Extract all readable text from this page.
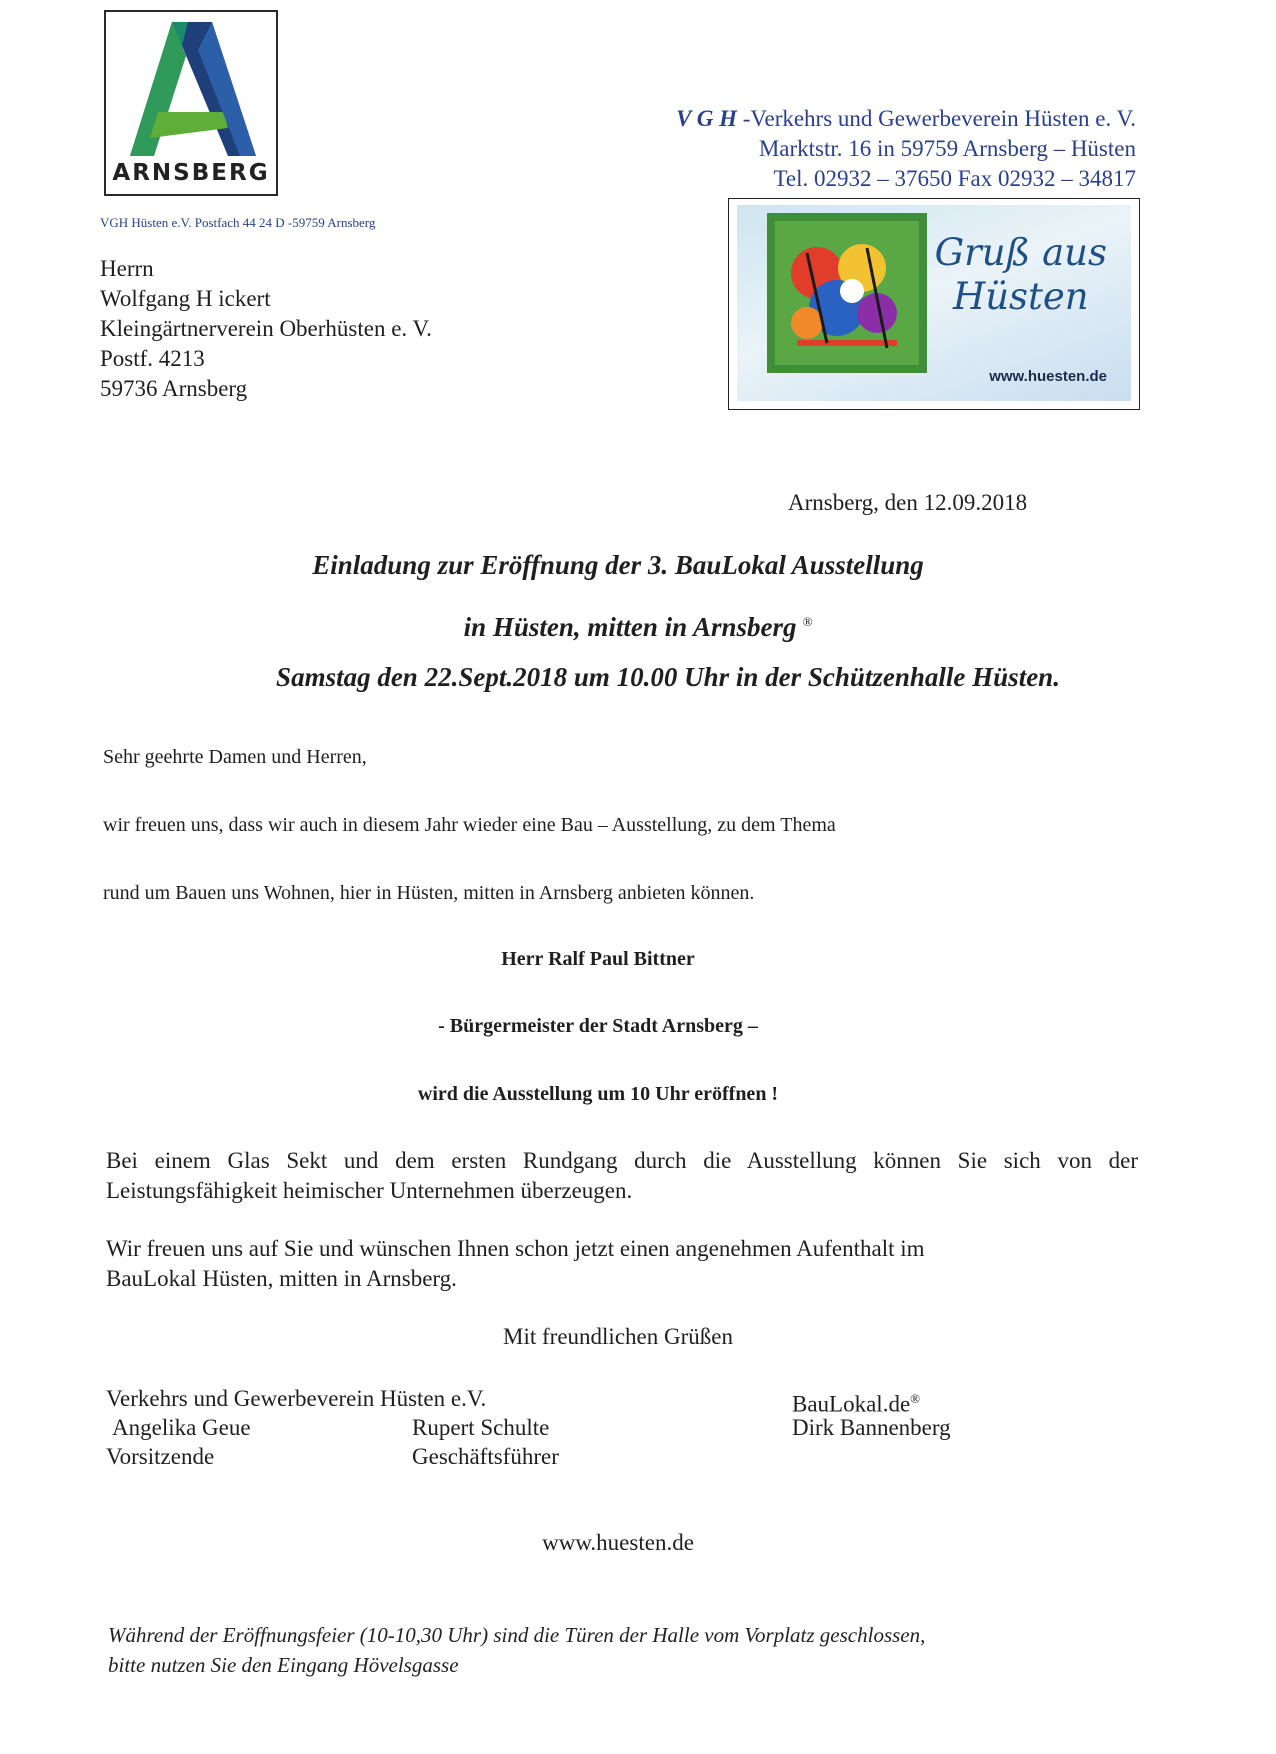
ARNSBERG
VGH Hüsten e.V. Postfach 44 24 D -59759 Arnsberg
Herrn
Wolfgang H ickert
Kleingärtnerverein Oberhüsten e. V.
Postf. 4213
59736 Arnsberg
V G H -Verkehrs und Gewerbeverein Hüsten e. V.
Marktstr. 16 in 59759 Arnsberg – Hüsten
Tel. 02932 – 37650 Fax 02932 – 34817
Gruß aus
Hüsten
www.huesten.de
Arnsberg, den 12.09.2018
Einladung zur Eröffnung der 3. BauLokal Ausstellung
in Hüsten, mitten in Arnsberg ®
Samstag den 22.Sept.2018 um 10.00 Uhr in der Schützenhalle Hüsten.
Sehr geehrte Damen und Herren,
wir freuen uns, dass wir auch in diesem Jahr wieder eine Bau – Ausstellung, zu dem Thema
rund um Bauen uns Wohnen, hier in Hüsten, mitten in Arnsberg anbieten können.
Herr Ralf Paul Bittner
- Bürgermeister der Stadt Arnsberg –
wird die Ausstellung um 10 Uhr eröffnen !
Bei einem Glas Sekt und dem ersten Rundgang durch die Ausstellung können Sie sich von der Leistungsfähigkeit heimischer Unternehmen überzeugen.
Wir freuen uns auf Sie und wünschen Ihnen schon jetzt einen angenehmen Aufenthalt im
BauLokal Hüsten, mitten in Arnsberg.
Mit freundlichen Grüßen
Verkehrs und Gewerbeverein Hüsten e.V.
Angelika Geue
Vorsitzende
Rupert Schulte
Geschäftsführer
BauLokal.de®
Dirk Bannenberg
www.huesten.de
Während der Eröffnungsfeier (10-10,30 Uhr) sind die Türen der Halle vom Vorplatz geschlossen,
bitte nutzen Sie den Eingang Hövelsgasse
